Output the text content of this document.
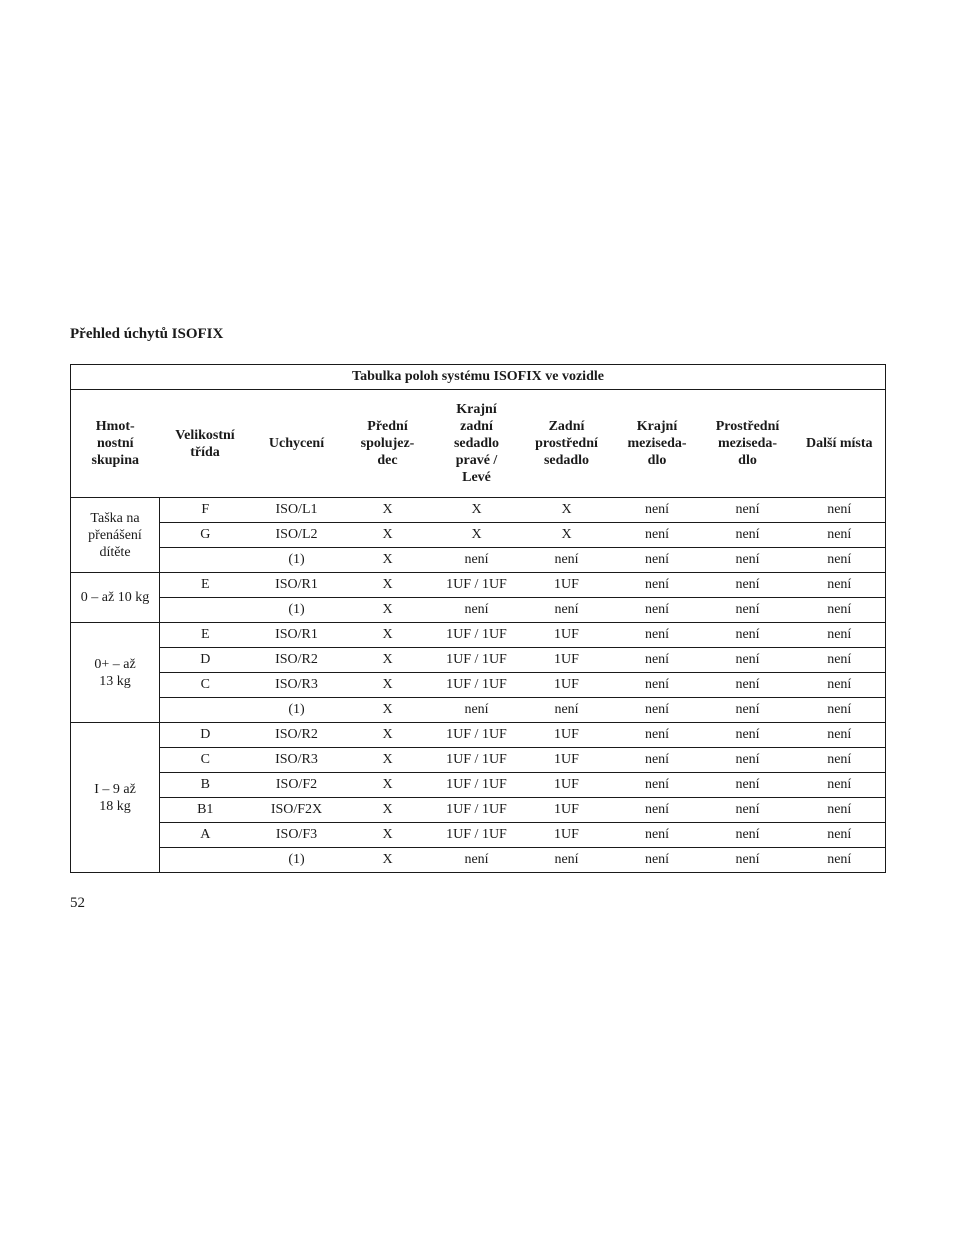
Přehled úchytů ISOFIX
Tabulka poloh systému ISOFIX ve vozidle								
Hmot-
nostní
skupina	Velikostní
třída	Uchycení	Přední
spolujez-
dec	Krajní
zadní
sedadlo
pravé /
Levé	Zadní
prostřední
sedadlo	Krajní
meziseda-
dlo	Prostřední
meziseda-
dlo	Další místa
Taška na
přenášení
dítěte	F	ISO/L1	X	X	X	není	není	není
	G	ISO/L2	X	X	X	není	není	není
		(1)	X	není	není	není	není	není
0 – až 10 kg	E	ISO/R1	X	1UF / 1UF	1UF	není	není	není
		(1)	X	není	není	není	není	není
0+ – až
13 kg	E	ISO/R1	X	1UF / 1UF	1UF	není	není	není
	D	ISO/R2	X	1UF / 1UF	1UF	není	není	není
	C	ISO/R3	X	1UF / 1UF	1UF	není	není	není
		(1)	X	není	není	není	není	není
I – 9 až
18 kg	D	ISO/R2	X	1UF / 1UF	1UF	není	není	není
	C	ISO/R3	X	1UF / 1UF	1UF	není	není	není
	B	ISO/F2	X	1UF / 1UF	1UF	není	není	není
	B1	ISO/F2X	X	1UF / 1UF	1UF	není	není	není
	A	ISO/F3	X	1UF / 1UF	1UF	není	není	není
		(1)	X	není	není	není	není	není
52
